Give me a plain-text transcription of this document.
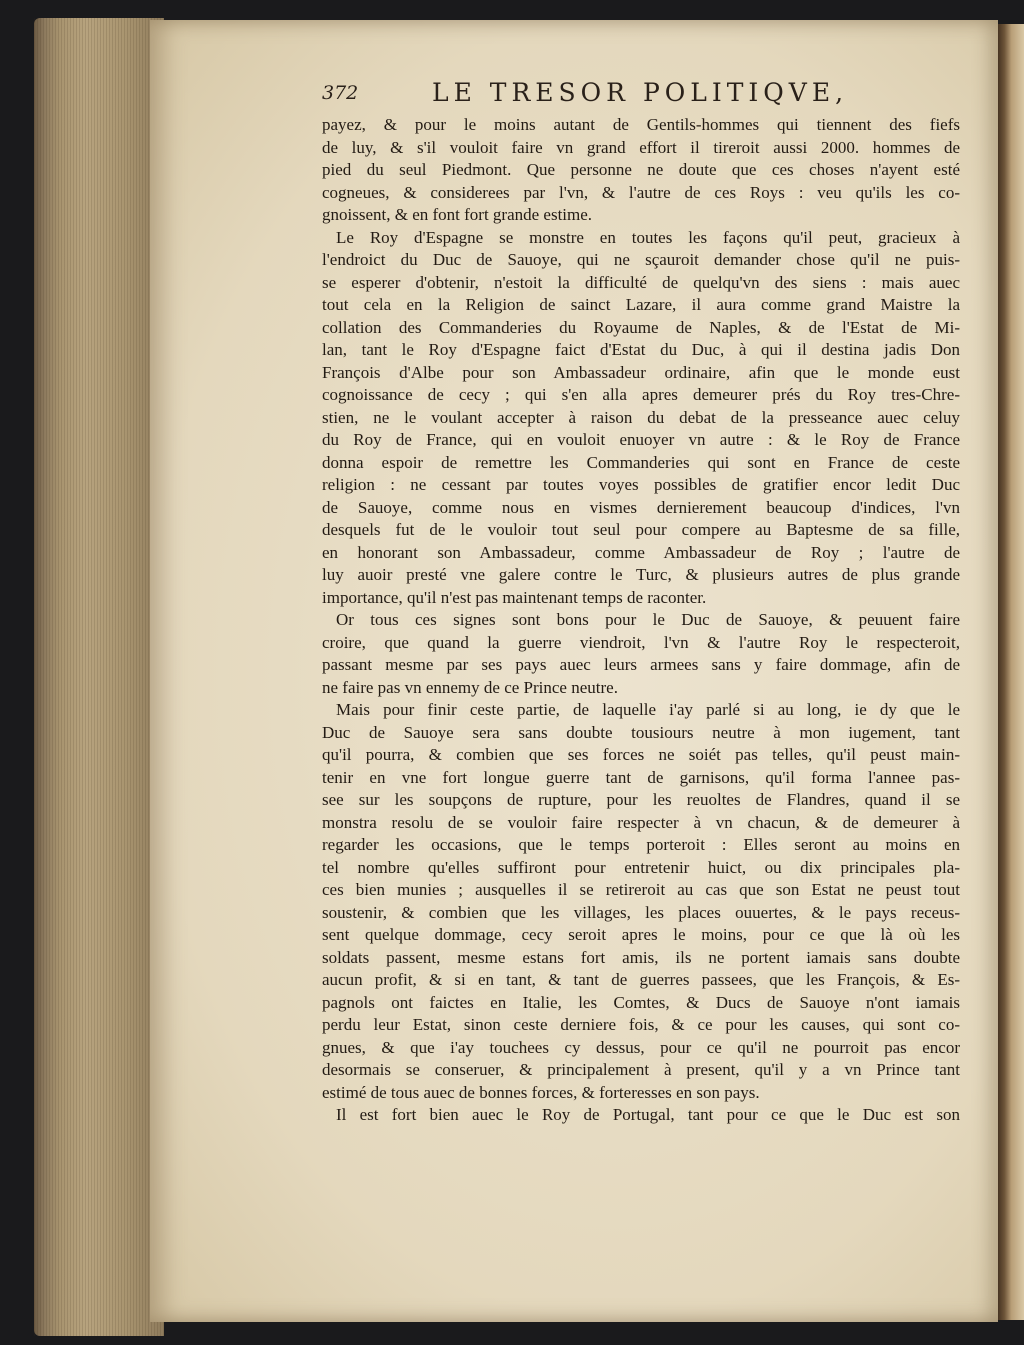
372	LE TRESOR POLITIQVE,
payez, & pour le moins autant de Gentils-hommes qui tiennent des fiefs
de luy, & s'il vouloit faire vn grand effort il tireroit aussi 2000. hommes de
pied du seul Piedmont. Que personne ne doute que ces choses n'ayent esté
cogneues, & considerees par l'vn, & l'autre de ces Roys : veu qu'ils les co-
gnoissent, & en font fort grande estime.
Le Roy d'Espagne se monstre en toutes les façons qu'il peut, gracieux à
l'endroict du Duc de Sauoye, qui ne sçauroit demander chose qu'il ne puis-
se esperer d'obtenir, n'estoit la difficulté de quelqu'vn des siens : mais auec
tout cela en la Religion de sainct Lazare, il aura comme grand Maistre la
collation des Commanderies du Royaume de Naples, & de l'Estat de Mi-
lan, tant le Roy d'Espagne faict d'Estat du Duc, à qui il destina jadis Don
François d'Albe pour son Ambassadeur ordinaire, afin que le monde eust
cognoissance de cecy ; qui s'en alla apres demeurer prés du Roy tres-Chre-
stien, ne le voulant accepter à raison du debat de la presseance auec celuy
du Roy de France, qui en vouloit enuoyer vn autre : & le Roy de France
donna espoir de remettre les Commanderies qui sont en France de ceste
religion : ne cessant par toutes voyes possibles de gratifier encor ledit Duc
de Sauoye, comme nous en vismes dernierement beaucoup d'indices, l'vn
desquels fut de le vouloir tout seul pour compere au Baptesme de sa fille,
en honorant son Ambassadeur, comme Ambassadeur de Roy ; l'autre de
luy auoir presté vne galere contre le Turc, & plusieurs autres de plus grande
importance, qu'il n'est pas maintenant temps de raconter.
Or tous ces signes sont bons pour le Duc de Sauoye, & peuuent faire
croire, que quand la guerre viendroit, l'vn & l'autre Roy le respecteroit,
passant mesme par ses pays auec leurs armees sans y faire dommage, afin de
ne faire pas vn ennemy de ce Prince neutre.
Mais pour finir ceste partie, de laquelle i'ay parlé si au long, ie dy que le
Duc de Sauoye sera sans doubte tousiours neutre à mon iugement, tant
qu'il pourra, & combien que ses forces ne soiét pas telles, qu'il peust main-
tenir en vne fort longue guerre tant de garnisons, qu'il forma l'annee pas-
see sur les soupçons de rupture, pour les reuoltes de Flandres, quand il se
monstra resolu de se vouloir faire respecter à vn chacun, & de demeurer à
regarder les occasions, que le temps porteroit : Elles seront au moins en
tel nombre qu'elles suffiront pour entretenir huict, ou dix principales pla-
ces bien munies ; ausquelles il se retireroit au cas que son Estat ne peust tout
soustenir, & combien que les villages, les places ouuertes, & le pays receus-
sent quelque dommage, cecy seroit apres le moins, pour ce que là où les
soldats passent, mesme estans fort amis, ils ne portent iamais sans doubte
aucun profit, & si en tant, & tant de guerres passees, que les François, & Es-
pagnols ont faictes en Italie, les Comtes, & Ducs de Sauoye n'ont iamais
perdu leur Estat, sinon ceste derniere fois, & ce pour les causes, qui sont co-
gnues, & que i'ay touchees cy dessus, pour ce qu'il ne pourroit pas encor
desormais se conseruer, & principalement à present, qu'il y a vn Prince tant
estimé de tous auec de bonnes forces, & forteresses en son pays.
Il est fort bien auec le Roy de Portugal, tant pour ce que le Duc est son
